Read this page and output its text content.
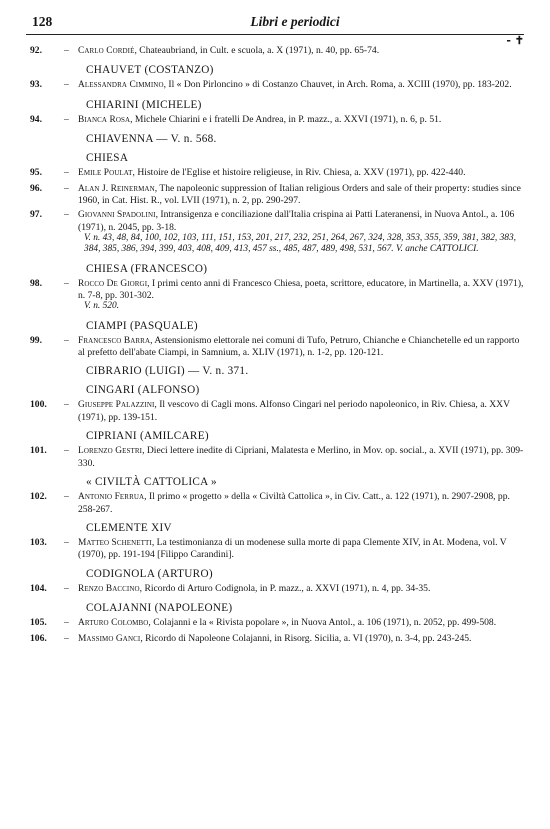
128	Libri e periodici
‐ ✝
92.	– Carlo Cordié, Chateaubriand, in Cult. e scuola, a. X (1971), n. 40, pp. 65-74.
CHAUVET (COSTANZO)
93.	– Alessandra Cimmino, Il « Don Pirloncino » di Costanzo Chauvet, in Arch. Roma, a. XCIII (1970), pp. 183-202.
CHIARINI (MICHELE)
94.	– Bianca Rosa, Michele Chiarini e i fratelli De Andrea, in P. mazz., a. XXVI (1971), n. 6, p. 51.
CHIAVENNA — V. n. 568.
CHIESA
95.	– Emile Poulat, Histoire de l'Eglise et histoire religieuse, in Riv. Chiesa, a. XXV (1971), pp. 422-440.
96.	– Alan J. Reinerman, The napoleonic suppression of Italian religious Orders and sale of their property: studies since 1960, in Cat. Hist. R., vol. LVII (1971), n. 2, pp. 290-297.
97.	– Giovanni Spadolini, Intransigenza e conciliazione dall'Italia crispina ai Patti Lateranensi, in Nuova Antol., a. 106 (1971), n. 2045, pp. 3-18.
V. n. 43, 48, 84, 100, 102, 103, 111, 151, 153, 201, 217, 232, 251, 264, 267, 324, 328, 353, 355, 359, 381, 382, 383, 384, 385, 386, 394, 399, 403, 408, 409, 413, 457 ss., 485, 487, 489, 498, 531, 567. V. anche CATTOLICI.
CHIESA (FRANCESCO)
98.	– Rocco De Giorgi, I primi cento anni di Francesco Chiesa, poeta, scrittore, educatore, in Martinella, a. XXV (1971), n. 7-8, pp. 301-302.
V. n. 520.
CIAMPI (PASQUALE)
99.	– Francesco Barra, Astensionismo elettorale nei comuni di Tufo, Petruro, Chianche e Chianchetelle ed un rapporto al prefetto dell'abate Ciampi, in Samnium, a. XLIV (1971), n. 1-2, pp. 120-121.
CIBRARIO (LUIGI) — V. n. 371.
CINGARI (ALFONSO)
100.	– Giuseppe Palazzini, Il vescovo di Cagli mons. Alfonso Cingari nel periodo napoleonico, in Riv. Chiesa, a. XXV (1971), pp. 139-151.
CIPRIANI (AMILCARE)
101.	– Lorenzo Gestri, Dieci lettere inedite di Cipriani, Malatesta e Merlino, in Mov. op. social., a. XVII (1971), pp. 309-330.
« CIVILTÀ CATTOLICA »
102.	– Antonio Ferrua, Il primo « progetto » della « Civiltà Cattolica », in Civ. Catt., a. 122 (1971), n. 2907-2908, pp. 258-267.
CLEMENTE XIV
103.	– Matteo Schenetti, La testimonianza di un modenese sulla morte di papa Clemente XIV, in At. Modena, vol. V (1970), pp. 191-194 [Filippo Carandini].
CODIGNOLA (ARTURO)
104.	– Renzo Baccino, Ricordo di Arturo Codignola, in P. mazz., a. XXVI (1971), n. 4, pp. 34-35.
COLAJANNI (NAPOLEONE)
105.	– Arturo Colombo, Colajanni e la « Rivista popolare », in Nuova Antol., a. 106 (1971), n. 2052, pp. 499-508.
106.	– Massimo Ganci, Ricordo di Napoleone Colajanni, in Risorg. Sicilia, a. VI (1970), n. 3-4, pp. 243-245.
